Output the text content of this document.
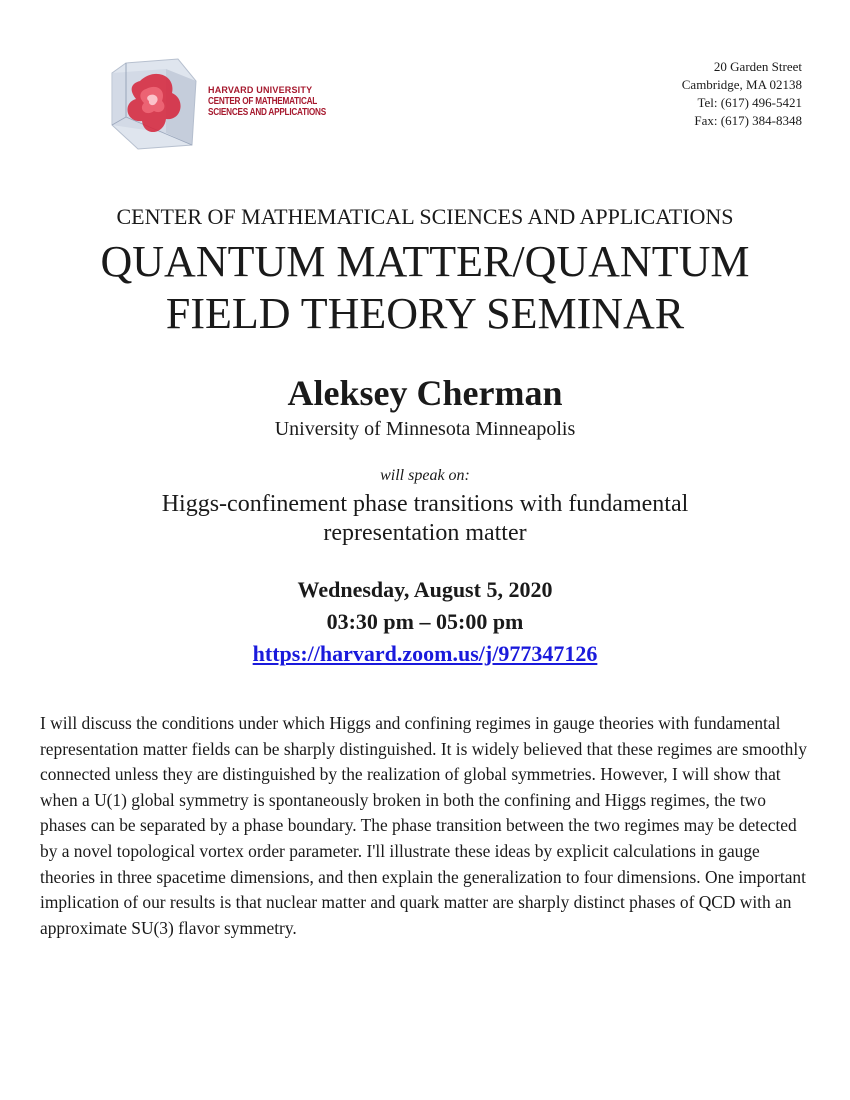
HARVARD UNIVERSITY
CENTER OF MATHEMATICAL
SCIENCES AND APPLICATIONS
20 Garden Street
Cambridge, MA 02138
Tel: (617) 496-5421
Fax: (617) 384-8348
CENTER OF MATHEMATICAL SCIENCES AND APPLICATIONS
QUANTUM MATTER/QUANTUM
FIELD THEORY SEMINAR
Aleksey Cherman
University of Minnesota Minneapolis
will speak on:
Higgs-confinement phase transitions with fundamental
representation matter
Wednesday, August 5, 2020
03:30 pm – 05:00 pm
https://harvard.zoom.us/j/977347126
I will discuss the conditions under which Higgs and confining regimes in gauge theories with fundamental representation matter fields can be sharply distinguished. It is widely believed that these regimes are smoothly connected unless they are distinguished by the realization of global symmetries. However, I will show that when a U(1) global symmetry is spontaneously broken in both the confining and Higgs regimes, the two phases can be separated by a phase boundary. The phase transition between the two regimes may be detected by a novel topological vortex order parameter. I'll illustrate these ideas by explicit calculations in gauge theories in three spacetime dimensions, and then explain the generalization to four dimensions. One important implication of our results is that nuclear matter and quark matter are sharply distinct phases of QCD with an approximate SU(3) flavor symmetry.
